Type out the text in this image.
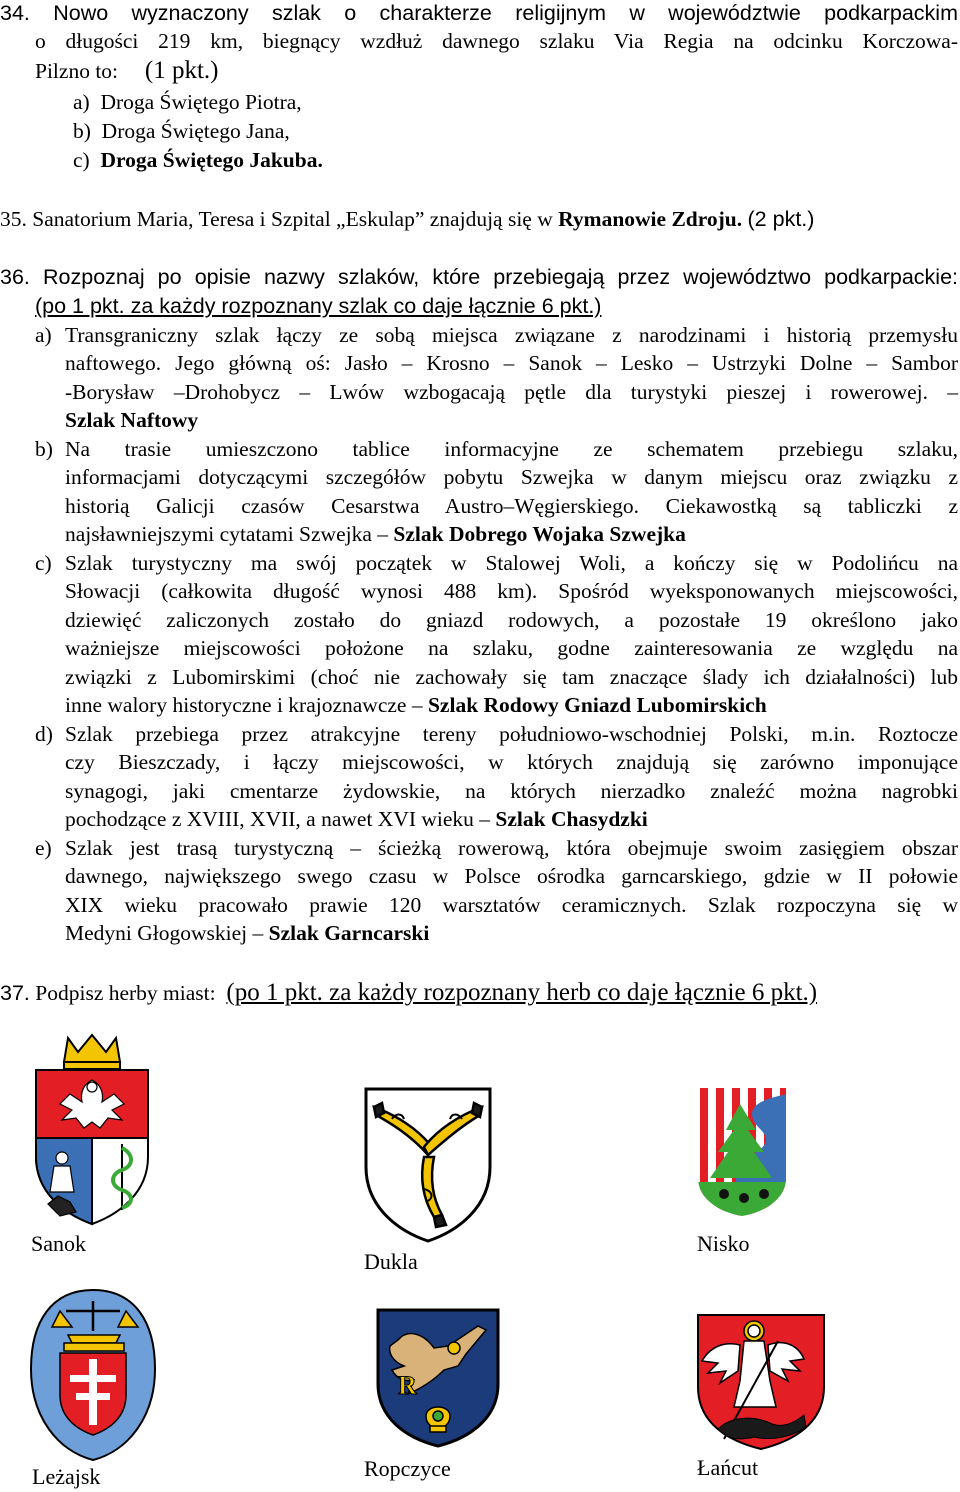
34. Nowo wyznaczony szlak o charakterze religijnym w województwie podkarpackim
o długości 219 km, biegnący wzdłuż dawnego szlaku Via Regia na odcinku Korczowa-
Pilzno to: (1 pkt.)
a) Droga Świętego Piotra,
b) Droga Świętego Jana,
c) Droga Świętego Jakuba.
35. Sanatorium Maria, Teresa i Szpital „Eskulap” znajdują się w Rymanowie Zdroju. (2 pkt.)
36. Rozpoznaj po opisie nazwy szlaków, które przebiegają przez województwo podkarpackie:
(po 1 pkt. za każdy rozpoznany szlak co daje łącznie 6 pkt.)
a) Transgraniczny szlak łączy ze sobą miejsca związane z narodzinami i historią przemysłu
naftowego. Jego główną oś: Jasło – Krosno – Sanok – Lesko – Ustrzyki Dolne – Sambor
-Borysław –Drohobycz – Lwów wzbogacają pętle dla turystyki pieszej i rowerowej. –
Szlak Naftowy
b) Na trasie umieszczono tablice informacyjne ze schematem przebiegu szlaku,
informacjami dotyczącymi szczegółów pobytu Szwejka w danym miejscu oraz związku z
historią Galicji czasów Cesarstwa Austro–Węgierskiego. Ciekawostką są tabliczki z
najsławniejszymi cytatami Szwejka – Szlak Dobrego Wojaka Szwejka
c) Szlak turystyczny ma swój początek w Stalowej Woli, a kończy się w Podolińcu na
Słowacji (całkowita długość wynosi 488 km). Spośród wyeksponowanych miejscowości,
dziewięć zaliczonych zostało do gniazd rodowych, a pozostałe 19 określono jako
ważniejsze miejscowości położone na szlaku, godne zainteresowania ze względu na
związki z Lubomirskimi (choć nie zachowały się tam znaczące ślady ich działalności) lub
inne walory historyczne i krajoznawcze – Szlak Rodowy Gniazd Lubomirskich
d) Szlak przebiega przez atrakcyjne tereny południowo-wschodniej Polski, m.in. Roztocze
czy Bieszczady, i łączy miejscowości, w których znajdują się zarówno imponujące
synagogi, jaki cmentarze żydowskie, na których nierzadko znaleźć można nagrobki
pochodzące z XVIII, XVII, a nawet XVI wieku – Szlak Chasydzki
e) Szlak jest trasą turystyczną – ścieżką rowerową, która obejmuje swoim zasięgiem obszar
dawnego, największego swego czasu w Polsce ośrodka garncarskiego, gdzie w II połowie
XIX wieku pracowało prawie 120 warsztatów ceramicznych. Szlak rozpoczyna się w
Medyni Głogowskiej – Szlak Garncarski
37. Podpisz herby miast: (po 1 pkt. za każdy rozpoznany herb co daje łącznie 6 pkt.)
Sanok
Dukla
Nisko
Leżajsk
R
Ropczyce	Łańcut
